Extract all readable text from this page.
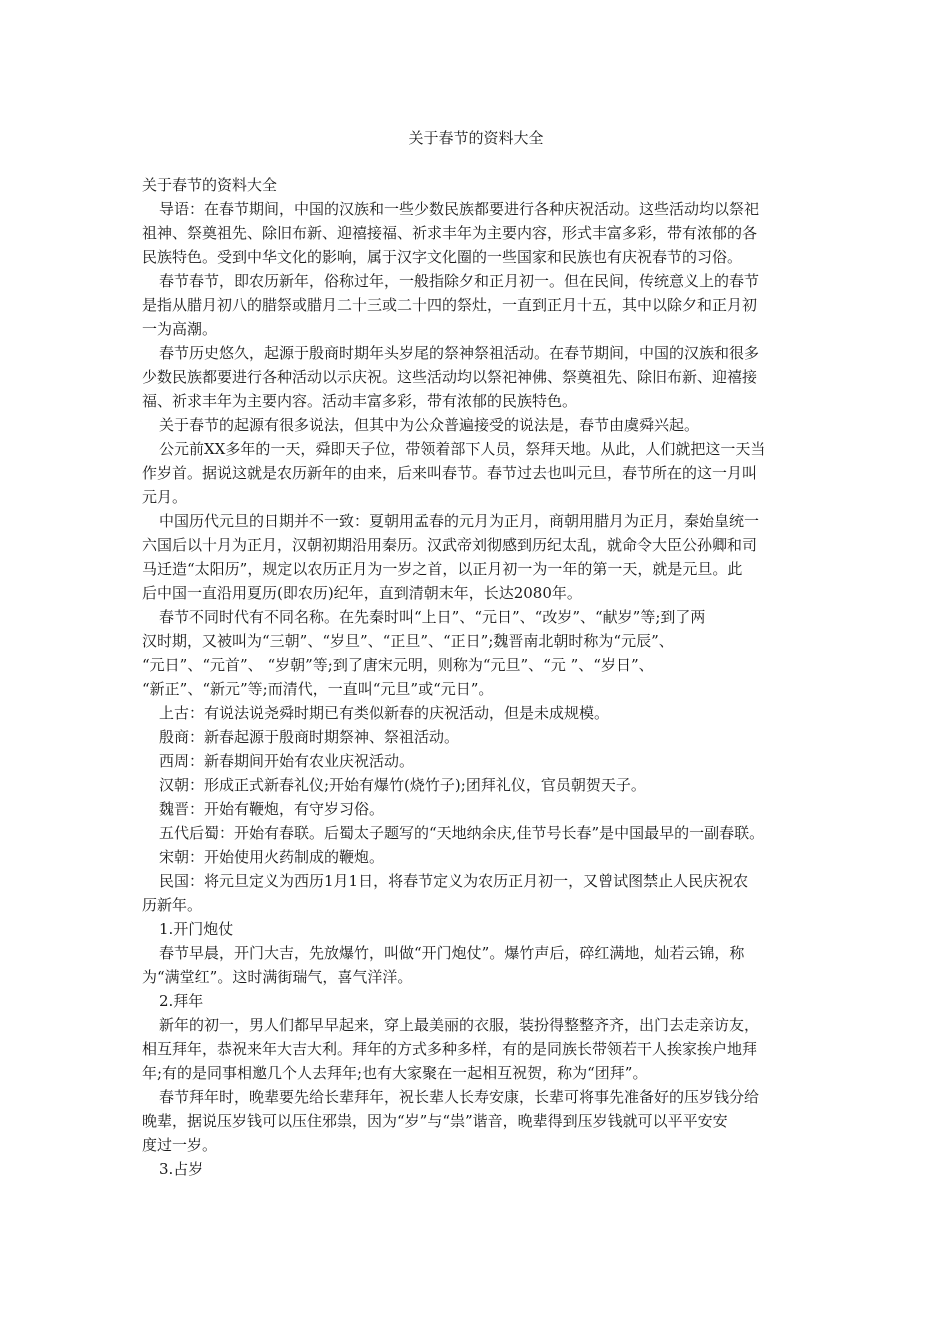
关于春节的资料大全
关于春节的资料大全
导语：在春节期间，中国的汉族和一些少数民族都要进行各种庆祝活动。这些活动均以祭祀
祖神、祭奠祖先、除旧布新、迎禧接福、祈求丰年为主要内容，形式丰富多彩，带有浓郁的各
民族特色。受到中华文化的影响，属于汉字文化圈的一些国家和民族也有庆祝春节的习俗。
春节春节，即农历新年，俗称过年，一般指除夕和正月初一。但在民间，传统意义上的春节
是指从腊月初八的腊祭或腊月二十三或二十四的祭灶，一直到正月十五，其中以除夕和正月初
一为高潮。
春节历史悠久，起源于殷商时期年头岁尾的祭神祭祖活动。在春节期间，中国的汉族和很多
少数民族都要进行各种活动以示庆祝。这些活动均以祭祀神佛、祭奠祖先、除旧布新、迎禧接
福、祈求丰年为主要内容。活动丰富多彩，带有浓郁的民族特色。
关于春节的起源有很多说法，但其中为公众普遍接受的说法是，春节由虞舜兴起。
公元前XX多年的一天，舜即天子位，带领着部下人员，祭拜天地。从此，人们就把这一天当
作岁首。据说这就是农历新年的由来，后来叫春节。春节过去也叫元旦，春节所在的这一月叫
元月。
中国历代元旦的日期并不一致：夏朝用孟春的元月为正月，商朝用腊月为正月，秦始皇统一
六国后以十月为正月，汉朝初期沿用秦历。汉武帝刘彻感到历纪太乱，就命令大臣公孙卿和司
马迁造“太阳历”，规定以农历正月为一岁之首，以正月初一为一年的第一天，就是元旦。此
后中国一直沿用夏历(即农历)纪年，直到清朝末年，长达2080年。
春节不同时代有不同名称。在先秦时叫“上日”、“元日”、“改岁”、“献岁”等;到了两
汉时期，又被叫为“三朝”、“岁旦”、“正旦”、“正日”;魏晋南北朝时称为“元辰”、
“元日”、“元首”、 “岁朝”等;到了唐宋元明，则称为“元旦”、“元 ”、“岁日”、
“新正”、“新元”等;而清代，一直叫“元旦”或“元日”。
上古：有说法说尧舜时期已有类似新春的庆祝活动，但是未成规模。
殷商：新春起源于殷商时期祭神、祭祖活动。
西周：新春期间开始有农业庆祝活动。
汉朝：形成正式新春礼仪;开始有爆竹(烧竹子);团拜礼仪，官员朝贺天子。
魏晋：开始有鞭炮，有守岁习俗。
五代后蜀：开始有春联。后蜀太子题写的“天地纳余庆,佳节号长春”是中国最早的一副春联。
宋朝：开始使用火药制成的鞭炮。
民国：将元旦定义为西历1月1日，将春节定义为农历正月初一，又曾试图禁止人民庆祝农
历新年。
1.开门炮仗
春节早晨，开门大吉，先放爆竹，叫做“开门炮仗”。爆竹声后，碎红满地，灿若云锦，称
为“满堂红”。这时满街瑞气，喜气洋洋。
2.拜年
新年的初一，男人们都早早起来，穿上最美丽的衣服，装扮得整整齐齐，出门去走亲访友，
相互拜年，恭祝来年大吉大利。拜年的方式多种多样，有的是同族长带领若干人挨家挨户地拜
年;有的是同事相邀几个人去拜年;也有大家聚在一起相互祝贺，称为“团拜”。
春节拜年时，晚辈要先给长辈拜年，祝长辈人长寿安康，长辈可将事先准备好的压岁钱分给
晚辈，据说压岁钱可以压住邪祟，因为“岁”与“祟”谐音，晚辈得到压岁钱就可以平平安安
度过一岁。
3.占岁
